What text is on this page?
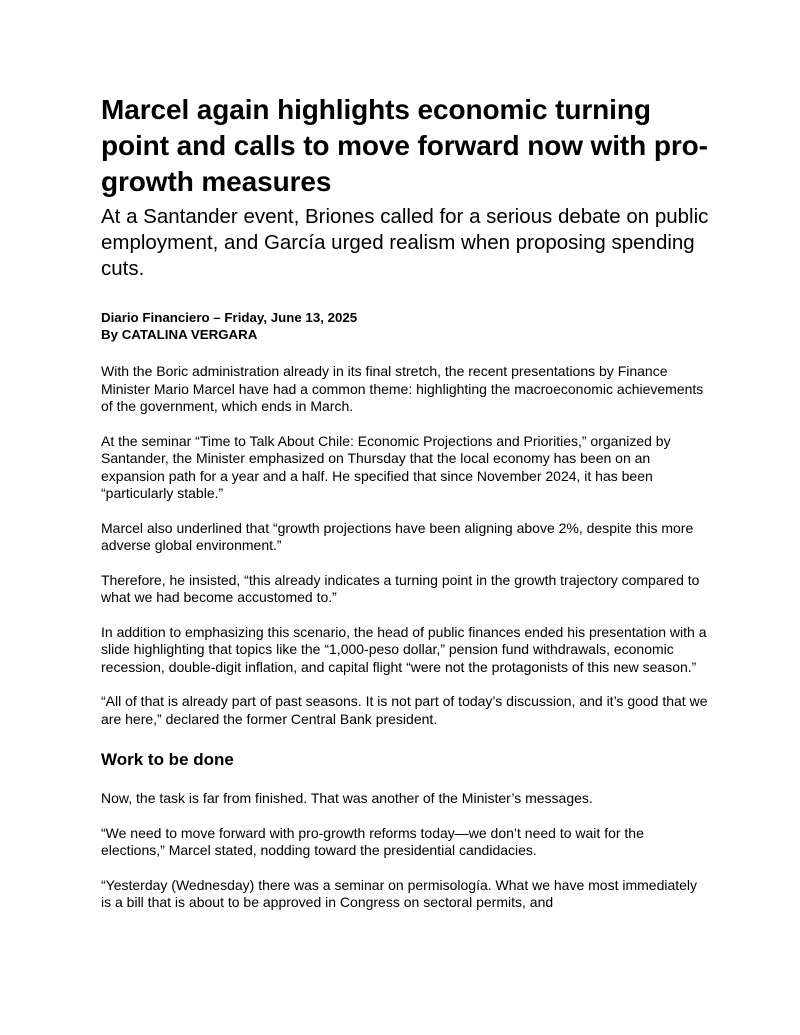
Marcel again highlights economic turning point and calls to move forward now with pro-growth measures
At a Santander event, Briones called for a serious debate on public employment, and García urged realism when proposing spending cuts.
Diario Financiero – Friday, June 13, 2025
By CATALINA VERGARA

With the Boric administration already in its final stretch, the recent presentations by Finance Minister Mario Marcel have had a common theme: highlighting the macroeconomic achievements of the government, which ends in March.

At the seminar “Time to Talk About Chile: Economic Projections and Priorities,” organized by Santander, the Minister emphasized on Thursday that the local economy has been on an expansion path for a year and a half. He specified that since November 2024, it has been “particularly stable.”

Marcel also underlined that “growth projections have been aligning above 2%, despite this more adverse global environment.”

Therefore, he insisted, “this already indicates a turning point in the growth trajectory compared to what we had become accustomed to.”

In addition to emphasizing this scenario, the head of public finances ended his presentation with a slide highlighting that topics like the “1,000-peso dollar,” pension fund withdrawals, economic recession, double-digit inflation, and capital flight “were not the protagonists of this new season.”

“All of that is already part of past seasons. It is not part of today’s discussion, and it’s good that we are here,” declared the former Central Bank president.

Work to be done

Now, the task is far from finished. That was another of the Minister’s messages.

“We need to move forward with pro-growth reforms today—we don’t need to wait for the elections,” Marcel stated, nodding toward the presidential candidacies.

“Yesterday (Wednesday) there was a seminar on permisología. What we have most immediately is a bill that is about to be approved in Congress on sectoral permits, and
